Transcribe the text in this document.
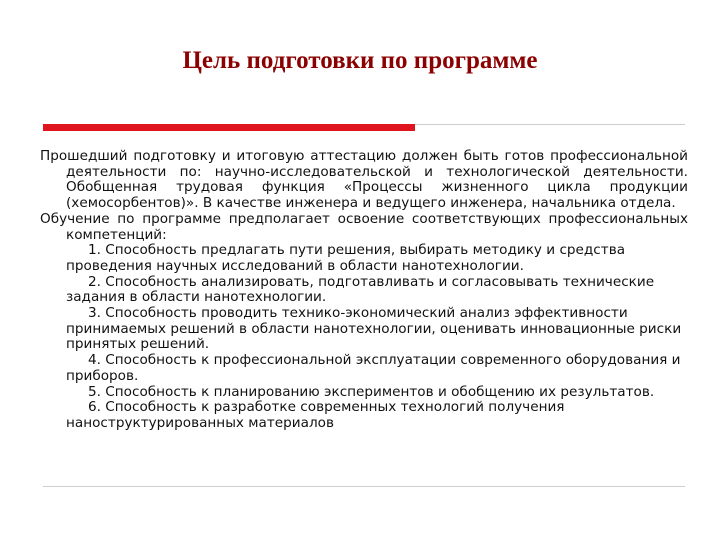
Цель подготовки по программе
Прошедший подготовку и итоговую аттестацию должен быть готов профессиональной деятельности по: научно-исследовательской и технологической деятельности. Обобщенная трудовая функция «Процессы жизненного цикла продукции (хемосорбентов)». В качестве инженера и ведущего инженера, начальника отдела.
Обучение по программе предполагает освоение соответствующих профессиональных компетенций:
1. Способность предлагать пути решения, выбирать методику и средства проведения научных исследований в области нанотехнологии.
2. Способность анализировать, подготавливать и согласовывать технические задания в области нанотехнологии.
3. Способность проводить технико-экономический анализ эффективности принимаемых решений в области нанотехнологии, оценивать инновационные риски принятых решений.
4. Способность к профессиональной эксплуатации современного оборудования и приборов.
5. Способность к планированию экспериментов и обобщению их результатов.
6. Способность к разработке современных технологий получения наноструктурированных материалов
